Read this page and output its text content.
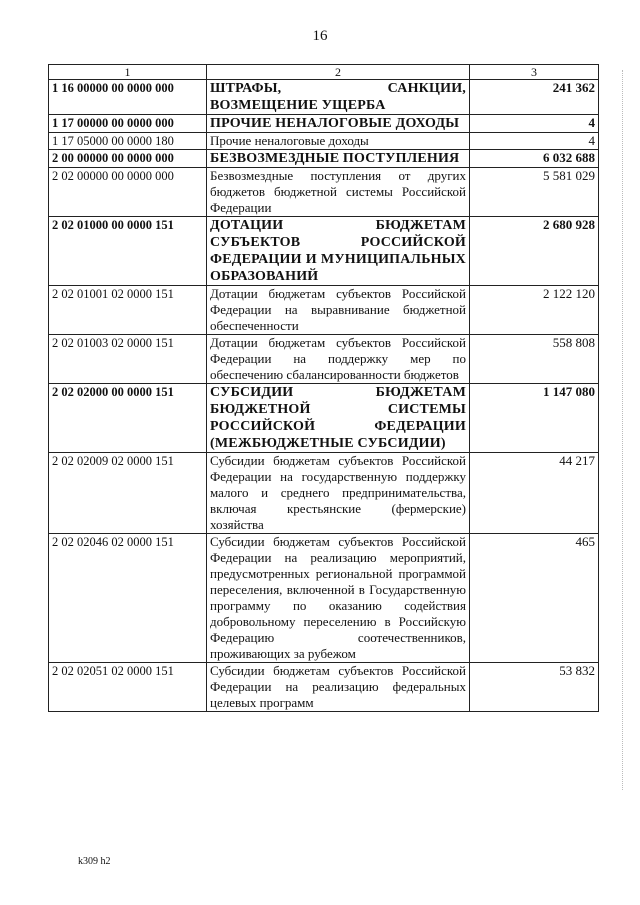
16
1	2	3
1 16 00000 00 0000 000	ШТРАФЫ, САНКЦИИ, ВОЗМЕЩЕНИЕ УЩЕРБА	241 362
1 17 00000 00 0000 000	ПРОЧИЕ НЕНАЛОГОВЫЕ ДОХОДЫ	4
1 17 05000 00 0000 180	Прочие неналоговые доходы	4
2 00 00000 00 0000 000	БЕЗВОЗМЕЗДНЫЕ ПОСТУПЛЕНИЯ	6 032 688
2 02 00000 00 0000 000	Безвозмездные поступления от других бюджетов бюджетной системы Российской Федерации	5 581 029
2 02 01000 00 0000 151	ДОТАЦИИ БЮДЖЕТАМ СУБЪЕКТОВ РОССИЙСКОЙ ФЕДЕРАЦИИ И МУНИЦИПАЛЬНЫХ ОБРАЗОВАНИЙ	2 680 928
2 02 01001 02 0000 151	Дотации бюджетам субъектов Российской Федерации на выравнивание бюджетной обеспеченности	2 122 120
2 02 01003 02 0000 151	Дотации бюджетам субъектов Российской Федерации на поддержку мер по обеспечению сбалансированности бюджетов	558 808
2 02 02000 00 0000 151	СУБСИДИИ БЮДЖЕТАМ БЮДЖЕТНОЙ СИСТЕМЫ РОССИЙСКОЙ ФЕДЕРАЦИИ (МЕЖБЮДЖЕТНЫЕ СУБСИДИИ)	1 147 080
2 02 02009 02 0000 151	Субсидии бюджетам субъектов Российской Федерации на государственную поддержку малого и среднего предпринимательства, включая крестьянские (фермерские) хозяйства	44 217
2 02 02046 02 0000 151	Субсидии бюджетам субъектов Российской Федерации на реализацию мероприятий, предусмотренных региональной программой переселения, включенной в Государственную программу по оказанию содействия добровольному переселению в Российскую Федерацию соотечественников, проживающих за рубежом	465
2 02 02051 02 0000 151	Субсидии бюджетам субъектов Российской Федерации на реализацию федеральных целевых программ	53 832
k309 h2
